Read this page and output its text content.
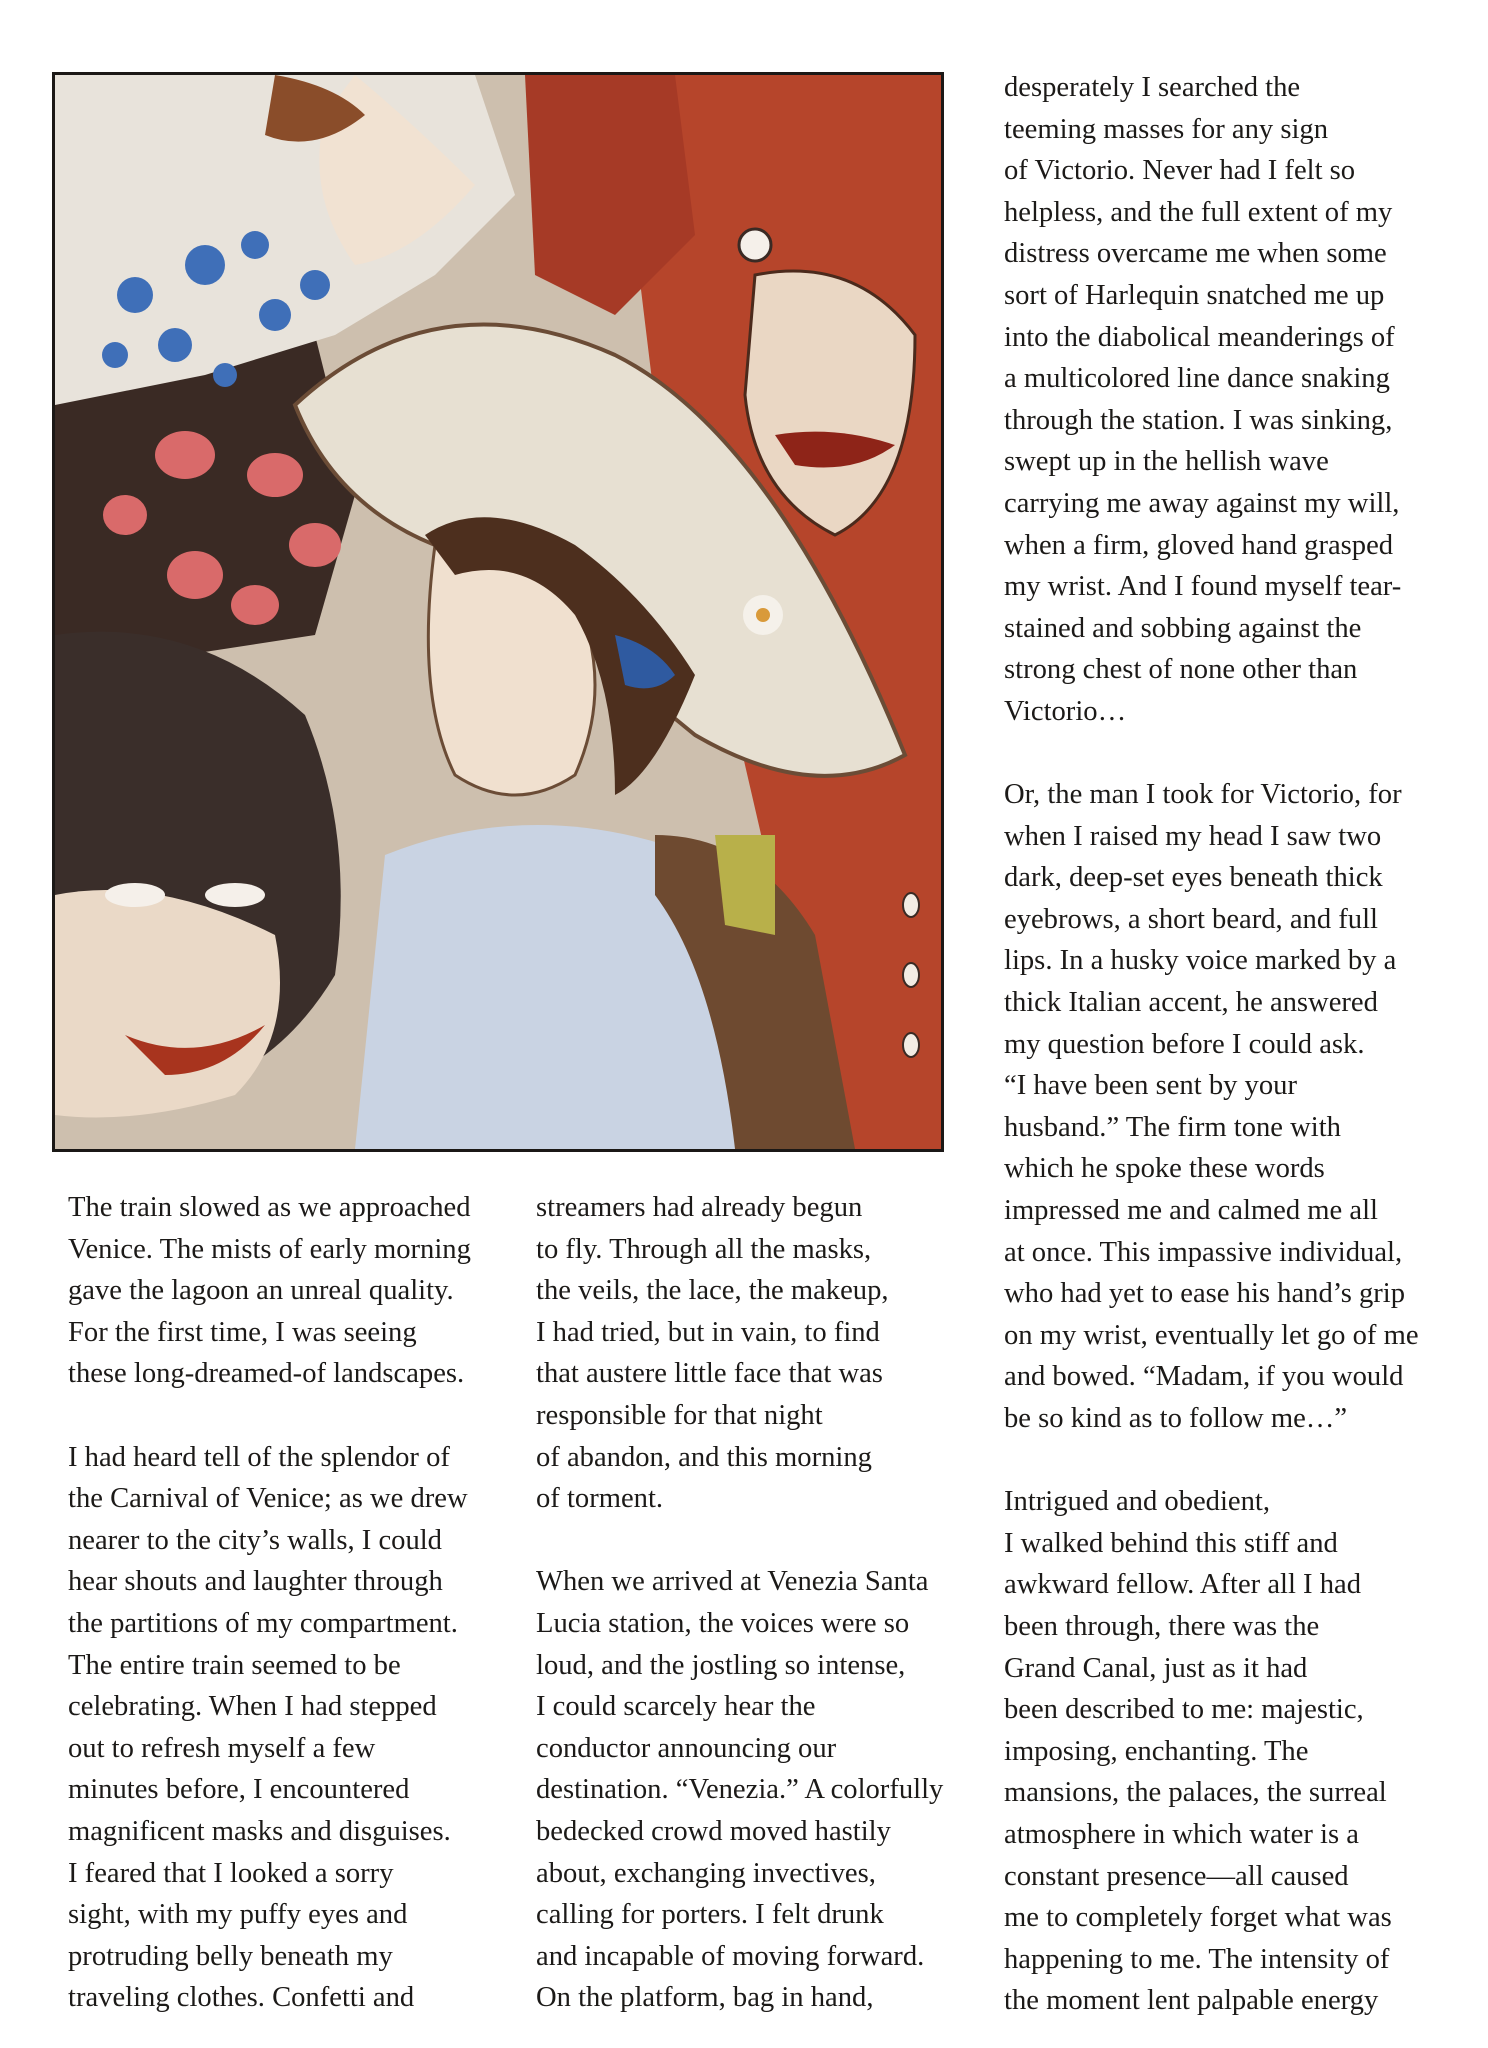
desperately I searched the
teeming masses for any sign
of Victorio. Never had I felt so
helpless, and the full extent of my
distress overcame me when some
sort of Harlequin snatched me up
into the diabolical meanderings of
a multicolored line dance snaking
through the station. I was sinking,
swept up in the hellish wave
carrying me away against my will,
when a firm, gloved hand grasped
my wrist. And I found myself tear-
stained and sobbing against the
strong chest of none other than
Victorio…
Or, the man I took for Victorio, for
when I raised my head I saw two
dark, deep-set eyes beneath thick
eyebrows, a short beard, and full
lips. In a husky voice marked by a
thick Italian accent, he answered
my question before I could ask.
“I have been sent by your
husband.” The firm tone with
which he spoke these words
impressed me and calmed me all
at once. This impassive individual,
who had yet to ease his hand’s grip
on my wrist, eventually let go of me
and bowed. “Madam, if you would
be so kind as to follow me…”
Intrigued and obedient,
I walked behind this stiff and
awkward fellow. After all I had
been through, there was the
Grand Canal, just as it had
been described to me: majestic,
imposing, enchanting. The
mansions, the palaces, the surreal
atmosphere in which water is a
constant presence—all caused
me to completely forget what was
happening to me. The intensity of
the moment lent palpable energy
The train slowed as we approached
Venice. The mists of early morning
gave the lagoon an unreal quality.
For the first time, I was seeing
these long-dreamed-of landscapes.
I had heard tell of the splendor of
the Carnival of Venice; as we drew
nearer to the city’s walls, I could
hear shouts and laughter through
the partitions of my compartment.
The entire train seemed to be
celebrating. When I had stepped
out to refresh myself a few
minutes before, I encountered
magnificent masks and disguises.
I feared that I looked a sorry
sight, with my puffy eyes and
protruding belly beneath my
traveling clothes. Confetti and
streamers had already begun
to fly. Through all the masks,
the veils, the lace, the makeup,
I had tried, but in vain, to find
that austere little face that was
responsible for that night
of abandon, and this morning
of torment.
When we arrived at Venezia Santa
Lucia station, the voices were so
loud, and the jostling so intense,
I could scarcely hear the
conductor announcing our
destination. “Venezia.” A colorfully
bedecked crowd moved hastily
about, exchanging invectives,
calling for porters. I felt drunk
and incapable of moving forward.
On the platform, bag in hand,
